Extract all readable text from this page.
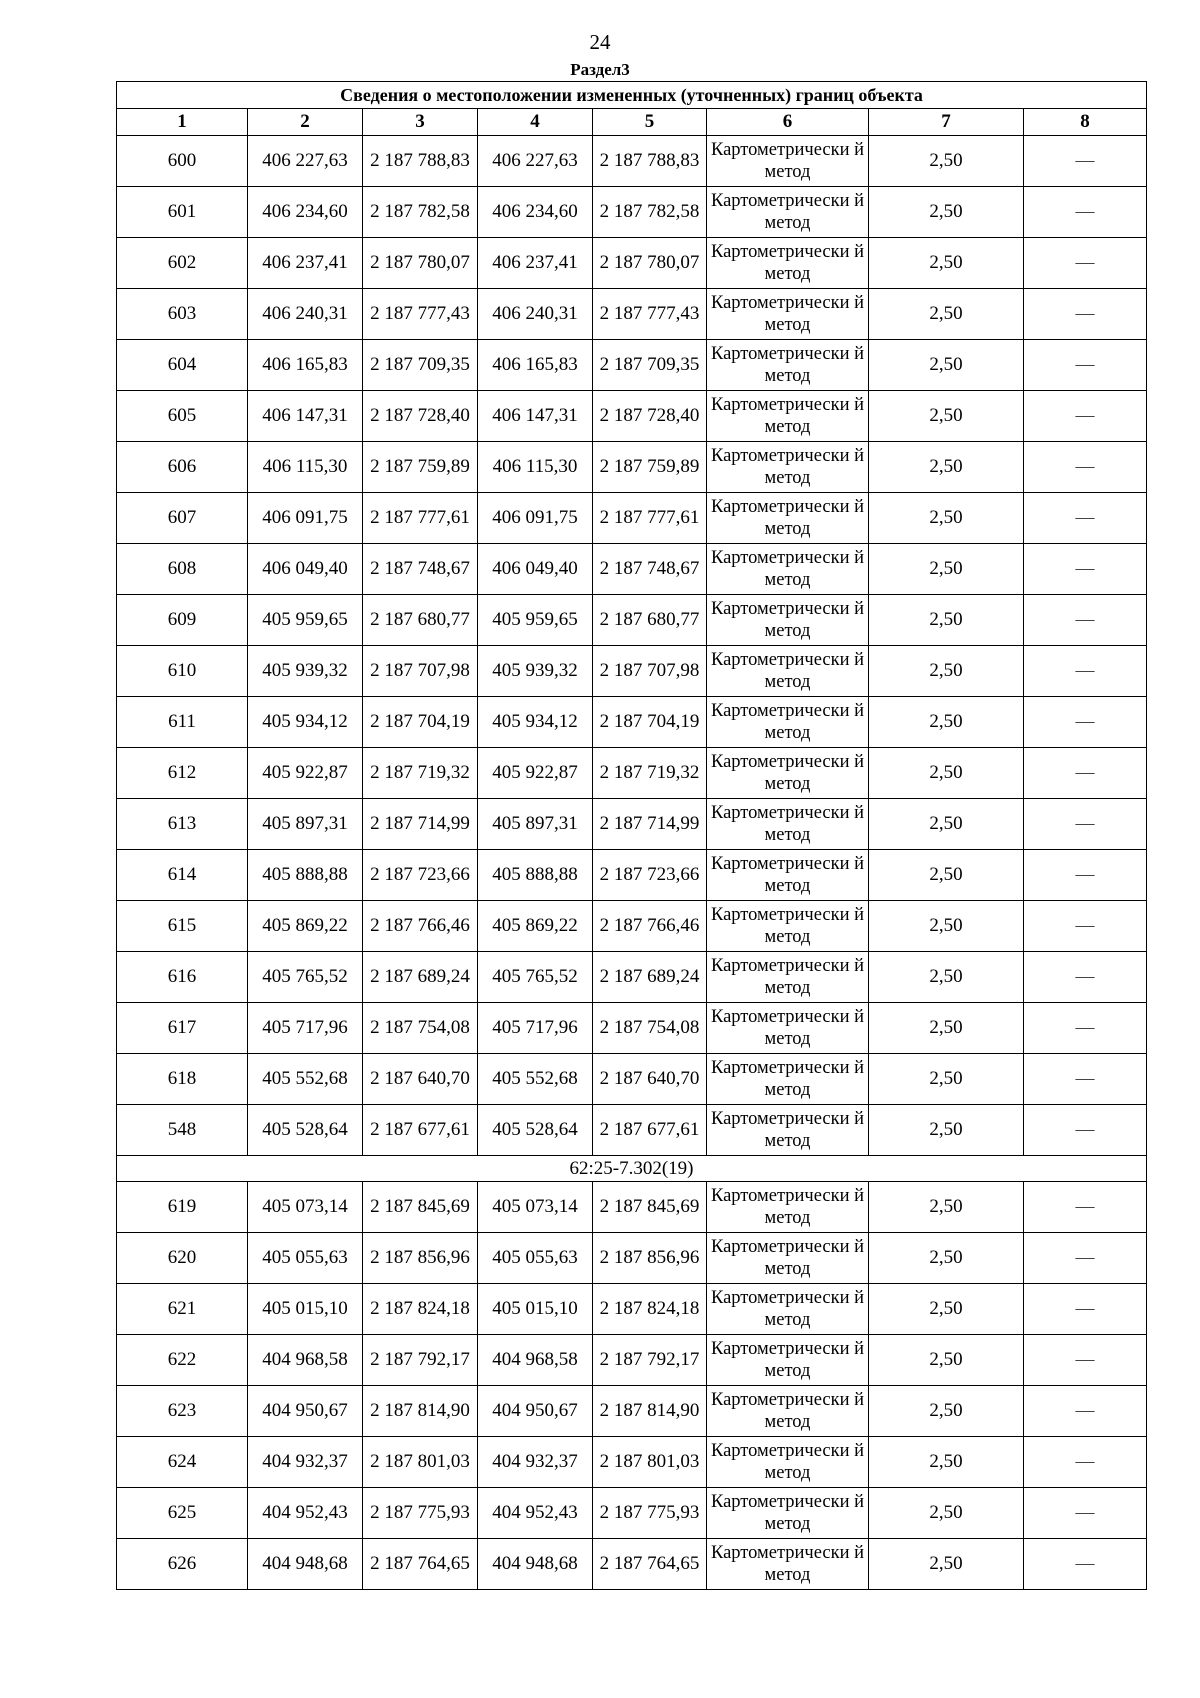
24
Раздел3
Сведения о местоположении измененных (уточненных) границ объекта							
1	2	3	4	5	6	7	8
600	406 227,63	2 187 788,83	406 227,63	2 187 788,83	Картометрически й метод	2,50	—
601	406 234,60	2 187 782,58	406 234,60	2 187 782,58	Картометрически й метод	2,50	—
602	406 237,41	2 187 780,07	406 237,41	2 187 780,07	Картометрически й метод	2,50	—
603	406 240,31	2 187 777,43	406 240,31	2 187 777,43	Картометрически й метод	2,50	—
604	406 165,83	2 187 709,35	406 165,83	2 187 709,35	Картометрически й метод	2,50	—
605	406 147,31	2 187 728,40	406 147,31	2 187 728,40	Картометрически й метод	2,50	—
606	406 115,30	2 187 759,89	406 115,30	2 187 759,89	Картометрически й метод	2,50	—
607	406 091,75	2 187 777,61	406 091,75	2 187 777,61	Картометрически й метод	2,50	—
608	406 049,40	2 187 748,67	406 049,40	2 187 748,67	Картометрически й метод	2,50	—
609	405 959,65	2 187 680,77	405 959,65	2 187 680,77	Картометрически й метод	2,50	—
610	405 939,32	2 187 707,98	405 939,32	2 187 707,98	Картометрически й метод	2,50	—
611	405 934,12	2 187 704,19	405 934,12	2 187 704,19	Картометрически й метод	2,50	—
612	405 922,87	2 187 719,32	405 922,87	2 187 719,32	Картометрически й метод	2,50	—
613	405 897,31	2 187 714,99	405 897,31	2 187 714,99	Картометрически й метод	2,50	—
614	405 888,88	2 187 723,66	405 888,88	2 187 723,66	Картометрически й метод	2,50	—
615	405 869,22	2 187 766,46	405 869,22	2 187 766,46	Картометрически й метод	2,50	—
616	405 765,52	2 187 689,24	405 765,52	2 187 689,24	Картометрически й метод	2,50	—
617	405 717,96	2 187 754,08	405 717,96	2 187 754,08	Картометрически й метод	2,50	—
618	405 552,68	2 187 640,70	405 552,68	2 187 640,70	Картометрически й метод	2,50	—
548	405 528,64	2 187 677,61	405 528,64	2 187 677,61	Картометрически й метод	2,50	—
62:25-7.302(19)							
619	405 073,14	2 187 845,69	405 073,14	2 187 845,69	Картометрически й метод	2,50	—
620	405 055,63	2 187 856,96	405 055,63	2 187 856,96	Картометрически й метод	2,50	—
621	405 015,10	2 187 824,18	405 015,10	2 187 824,18	Картометрически й метод	2,50	—
622	404 968,58	2 187 792,17	404 968,58	2 187 792,17	Картометрически й метод	2,50	—
623	404 950,67	2 187 814,90	404 950,67	2 187 814,90	Картометрически й метод	2,50	—
624	404 932,37	2 187 801,03	404 932,37	2 187 801,03	Картометрически й метод	2,50	—
625	404 952,43	2 187 775,93	404 952,43	2 187 775,93	Картометрически й метод	2,50	—
626	404 948,68	2 187 764,65	404 948,68	2 187 764,65	Картометрически й метод	2,50	—
